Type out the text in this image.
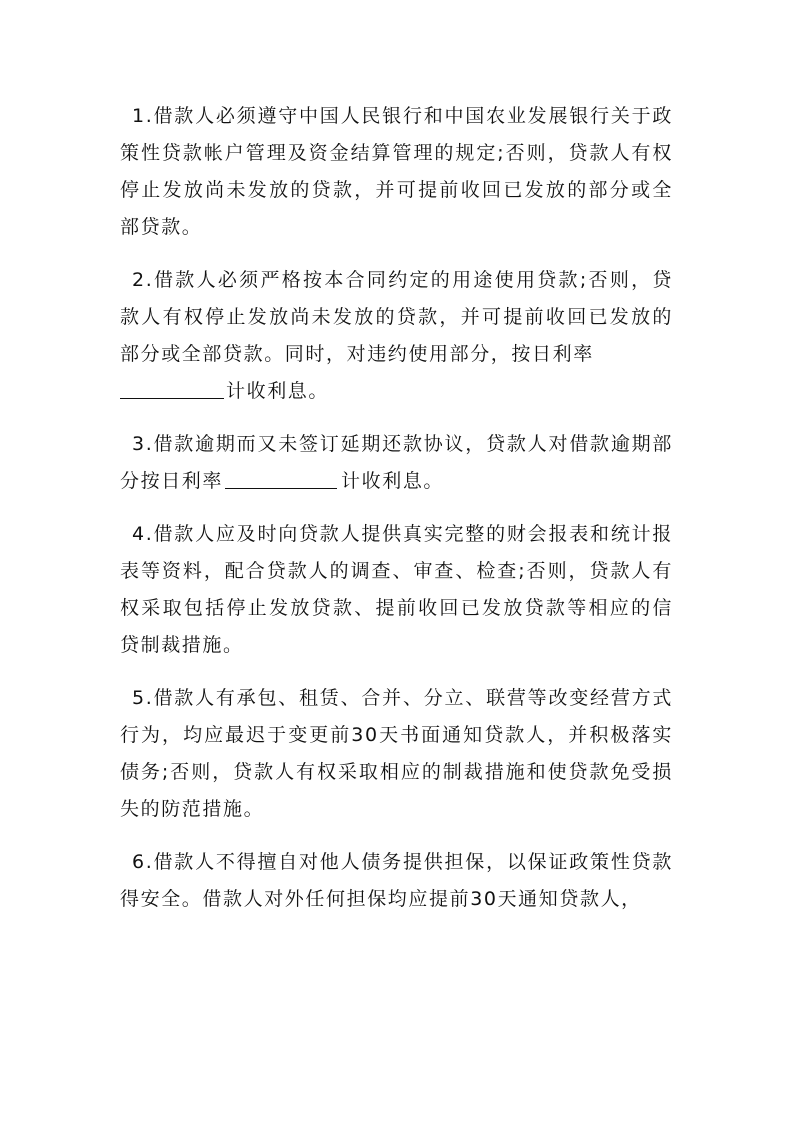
1.借款人必须遵守中国人民银行和中国农业发展银行关于政策性贷款帐户管理及资金结算管理的规定;否则，贷款人有权停止发放尚未发放的贷款，并可提前收回已发放的部分或全部贷款。

2.借款人必须严格按本合同约定的用途使用贷款;否则，贷款人有权停止发放尚未发放的贷款，并可提前收回已发放的部分或全部贷款。同时，对违约使用部分，按日利率
计收利息。

3.借款逾期而又未签订延期还款协议，贷款人对借款逾期部分按日利率	计收利息。

4.借款人应及时向贷款人提供真实完整的财会报表和统计报表等资料，配合贷款人的调查、审查、检查;否则，贷款人有权采取包括停止发放贷款、提前收回已发放贷款等相应的信贷制裁措施。

5.借款人有承包、租赁、合并、分立、联营等改变经营方式行为，均应最迟于变更前30天书面通知贷款人，并积极落实债务;否则，贷款人有权采取相应的制裁措施和使贷款免受损失的防范措施。

6.借款人不得擅自对他人债务提供担保，以保证政策性贷款得安全。借款人对外任何担保均应提前30天通知贷款人，
